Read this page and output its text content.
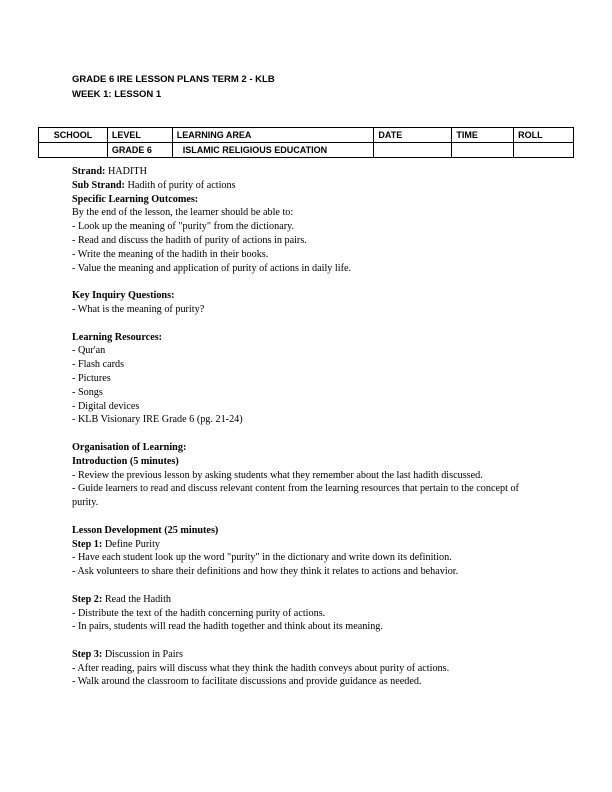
GRADE 6 IRE LESSON PLANS TERM 2 - KLB
WEEK 1: LESSON 1
SCHOOL	LEVEL	LEARNING AREA	DATE	TIME	ROLL
	GRADE 6	ISLAMIC RELIGIOUS EDUCATION			
Strand: HADITH
Sub Strand: Hadith of purity of actions
Specific Learning Outcomes:
By the end of the lesson, the learner should be able to:
- Look up the meaning of "purity" from the dictionary.
- Read and discuss the hadith of purity of actions in pairs.
- Write the meaning of the hadith in their books.
- Value the meaning and application of purity of actions in daily life.
Key Inquiry Questions:
- What is the meaning of purity?
Learning Resources:
- Qur'an
- Flash cards
- Pictures
- Songs
- Digital devices
- KLB Visionary IRE Grade 6 (pg. 21-24)
Organisation of Learning:
Introduction (5 minutes)
- Review the previous lesson by asking students what they remember about the last hadith discussed.
- Guide learners to read and discuss relevant content from the learning resources that pertain to the concept of purity.
Lesson Development (25 minutes)
Step 1: Define Purity
- Have each student look up the word "purity" in the dictionary and write down its definition.
- Ask volunteers to share their definitions and how they think it relates to actions and behavior.
Step 2: Read the Hadith
- Distribute the text of the hadith concerning purity of actions.
- In pairs, students will read the hadith together and think about its meaning.
Step 3: Discussion in Pairs
- After reading, pairs will discuss what they think the hadith conveys about purity of actions.
- Walk around the classroom to facilitate discussions and provide guidance as needed.
